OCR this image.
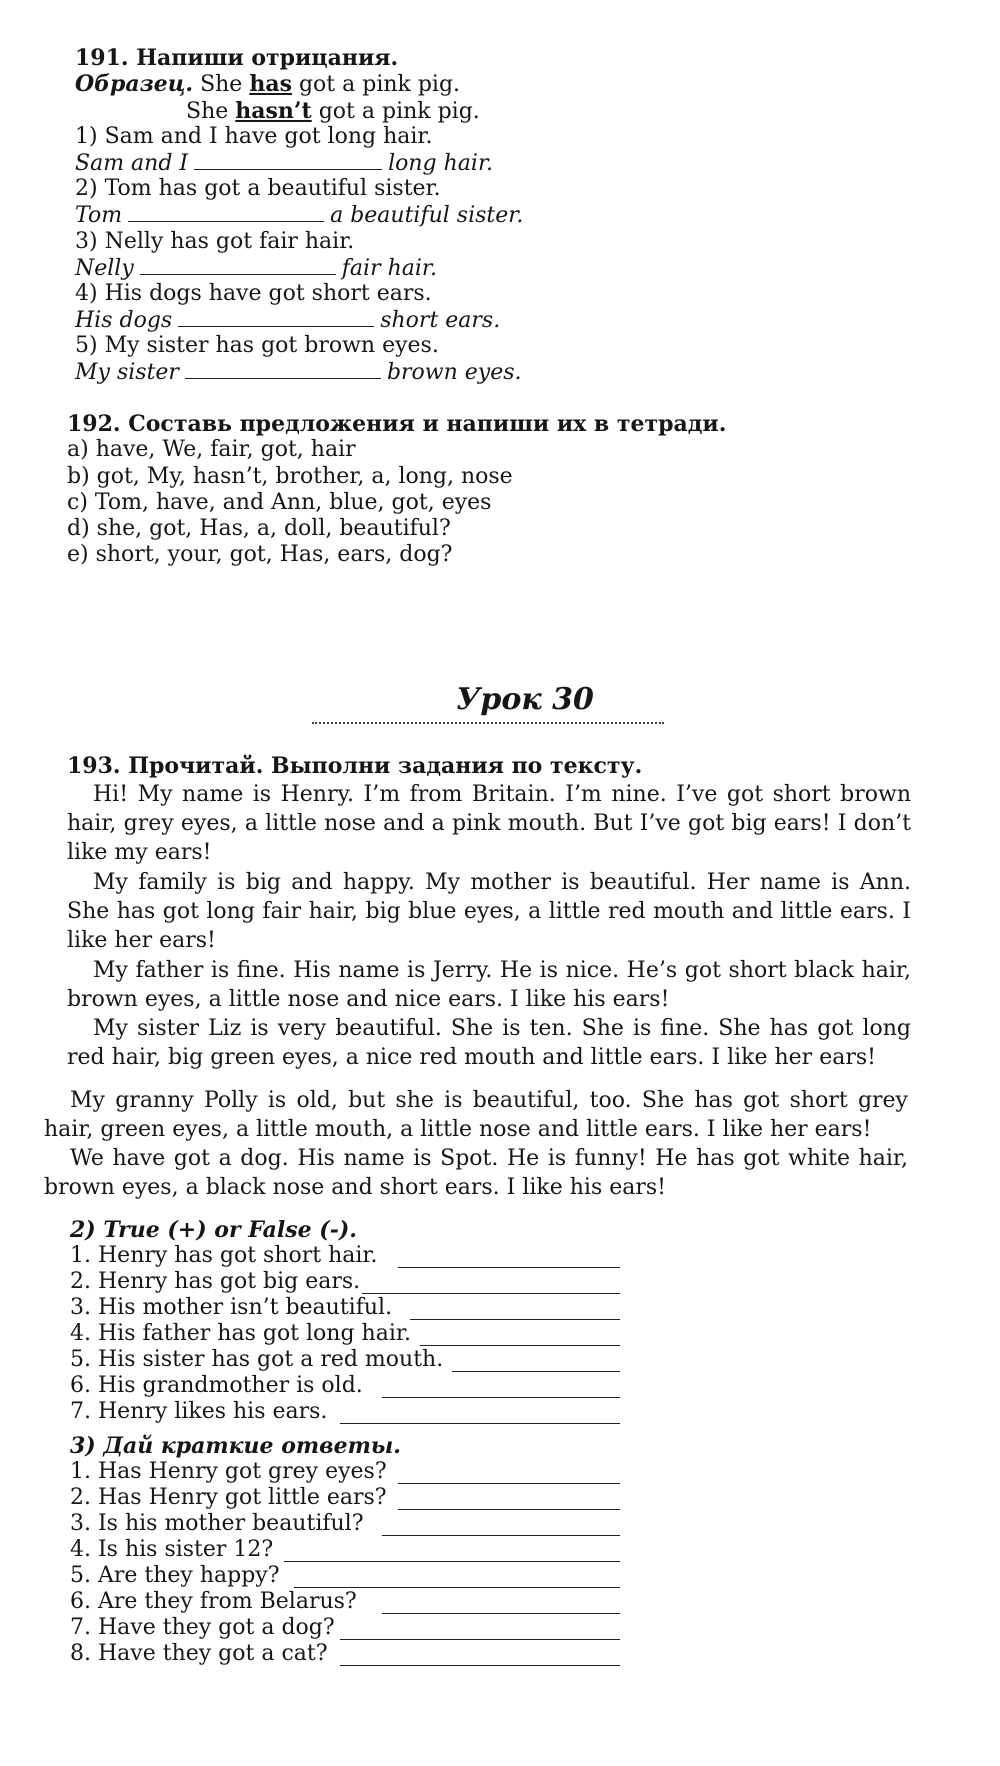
191. Напиши отрицания.
Образец. She has got a pink pig.
She hasn’t got a pink pig.
1) Sam and I have got long hair.
Sam and I	long hair.
2) Tom has got a beautiful sister.
Tom	a beautiful sister.
3) Nelly has got fair hair.
Nelly	fair hair.
4) His dogs have got short ears.
His dogs	short ears.
5) My sister has got brown eyes.
My sister	brown eyes.
192. Составь предложения и напиши их в тетради.
a) have, We, fair, got, hair
b) got, My, hasn’t, brother, a, long, nose
c) Tom, have, and Ann, blue, got, eyes
d) she, got, Has, a, doll, beautiful?
e) short, your, got, Has, ears, dog?
Урок 30
193. Прочитай. Выполни задания по тексту.
Hi! My name is Henry. I’m from Britain. I’m nine. I’ve got short brown hair, grey eyes, a little nose and a pink mouth. But I’ve got big ears! I don’t like my ears!
My family is big and happy. My mother is beautiful. Her name is Ann. She has got long fair hair, big blue eyes, a little red mouth and little ears. I like her ears!
My father is fine. His name is Jerry. He is nice. He’s got short black hair, brown eyes, a little nose and nice ears. I like his ears!
My sister Liz is very beautiful. She is ten. She is fine. She has got long red hair, big green eyes, a nice red mouth and little ears. I like her ears!
My granny Polly is old, but she is beautiful, too. She has got short grey hair, green eyes, a little mouth, a little nose and little ears. I like her ears!
We have got a dog. His name is Spot. He is funny! He has got white hair, brown eyes, a black nose and short ears. I like his ears!
2) True (+) or False (-).
1. Henry has got short hair.
2. Henry has got big ears.
3. His mother isn’t beautiful.
4. His father has got long hair.
5. His sister has got a red mouth.
6. His grandmother is old.
7. Henry likes his ears.
3) Дай краткие ответы.
1. Has Henry got grey eyes?
2. Has Henry got little ears?
3. Is his mother beautiful?
4. Is his sister 12?
5. Are they happy?
6. Are they from Belarus?
7. Have they got a dog?
8. Have they got a cat?
